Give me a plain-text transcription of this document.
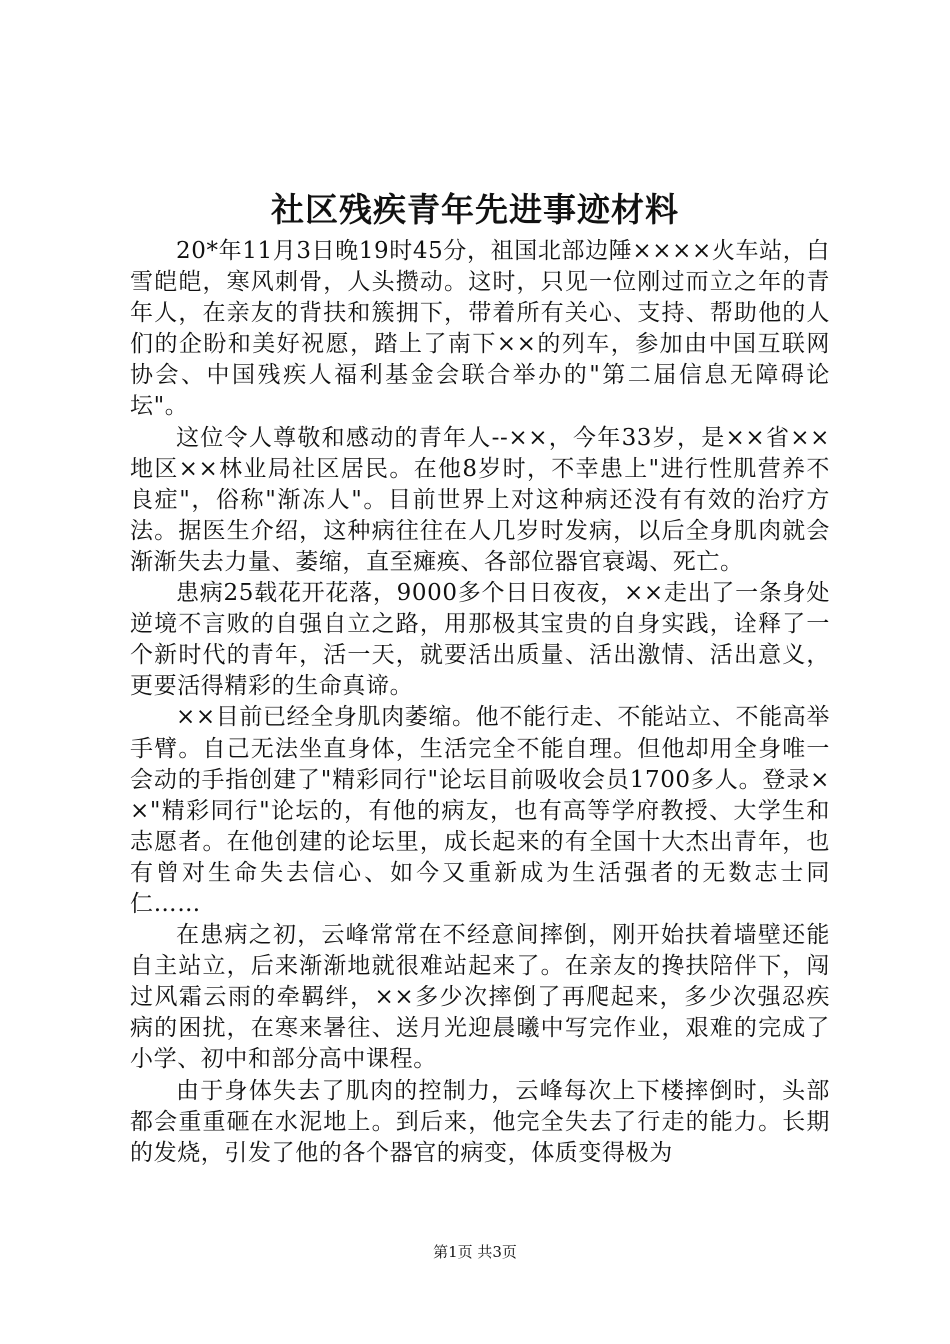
社区残疾青年先进事迹材料

20*年11月3日晚19时45分，祖国北部边陲××××火车站，白雪皑皑，寒风刺骨，人头攒动。这时，只见一位刚过而立之年的青年人，在亲友的背扶和簇拥下，带着所有关心、支持、帮助他的人们的企盼和美好祝愿，踏上了南下××的列车，参加由中国互联网协会、中国残疾人福利基金会联合举办的"第二届信息无障碍论坛"。

这位令人尊敬和感动的青年人--××，今年33岁，是××省××地区××林业局社区居民。在他8岁时，不幸患上"进行性肌营养不良症"，俗称"渐冻人"。目前世界上对这种病还没有有效的治疗方法。据医生介绍，这种病往往在人几岁时发病，以后全身肌肉就会渐渐失去力量、萎缩，直至瘫痪、各部位器官衰竭、死亡。

患病25载花开花落，9000多个日日夜夜，××走出了一条身处逆境不言败的自强自立之路，用那极其宝贵的自身实践，诠释了一个新时代的青年，活一天，就要活出质量、活出激情、活出意义，更要活得精彩的生命真谛。

××目前已经全身肌肉萎缩。他不能行走、不能站立、不能高举手臂。自己无法坐直身体，生活完全不能自理。但他却用全身唯一会动的手指创建了"精彩同行"论坛目前吸收会员1700多人。登录××"精彩同行"论坛的，有他的病友，也有高等学府教授、大学生和志愿者。在他创建的论坛里，成长起来的有全国十大杰出青年，也有曾对生命失去信心、如今又重新成为生活强者的无数志士同仁……

在患病之初，云峰常常在不经意间摔倒，刚开始扶着墙壁还能自主站立，后来渐渐地就很难站起来了。在亲友的搀扶陪伴下，闯过风霜云雨的牵羁绊，××多少次摔倒了再爬起来，多少次强忍疾病的困扰，在寒来暑往、送月光迎晨曦中写完作业，艰难的完成了小学、初中和部分高中课程。

由于身体失去了肌肉的控制力，云峰每次上下楼摔倒时，头部都会重重砸在水泥地上。到后来，他完全失去了行走的能力。长期的发烧，引发了他的各个器官的病变，体质变得极为

第1页 共3页
